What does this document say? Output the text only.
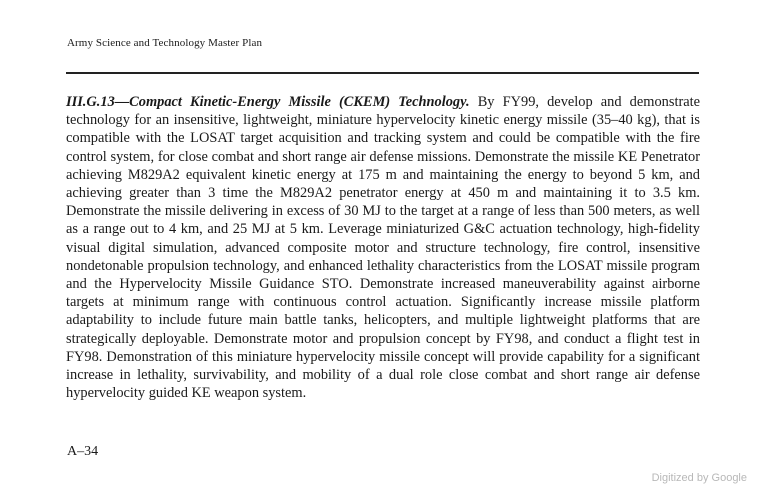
Army Science and Technology Master Plan

III.G.13—Compact Kinetic-Energy Missile (CKEM) Technology. By FY99, develop and demonstrate technology for an insensitive, lightweight, miniature hypervelocity kinetic energy missile (35–40 kg), that is compatible with the LOSAT target acquisition and tracking system and could be compatible with the fire control system, for close combat and short range air defense missions. Demonstrate the missile KE Penetrator achieving M829A2 equivalent kinetic energy at 175 m and maintaining the energy to beyond 5 km, and achieving greater than 3 time the M829A2 penetrator energy at 450 m and maintaining it to 3.5 km. Demonstrate the missile delivering in excess of 30 MJ to the target at a range of less than 500 meters, as well as a range out to 4 km, and 25 MJ at 5 km. Leverage miniaturized G&C actuation technology, high-fidelity visual digital simulation, advanced composite motor and structure technology, fire control, insensitive nondetonable propulsion technology, and enhanced lethality characteristics from the LOSAT missile program and the Hypervelocity Missile Guidance STO. Demonstrate increased maneuverability against airborne targets at minimum range with continuous control actuation. Significantly increase missile platform adaptability to include future main battle tanks, helicopters, and multiple lightweight platforms that are strategically deployable. Demonstrate motor and propulsion concept by FY98, and conduct a flight test in FY98. Demonstration of this miniature hypervelocity missile concept will provide capability for a significant increase in lethality, survivability, and mobility of a dual role close combat and short range air defense hypervelocity guided KE weapon system.

A–34
Digitized by Google
